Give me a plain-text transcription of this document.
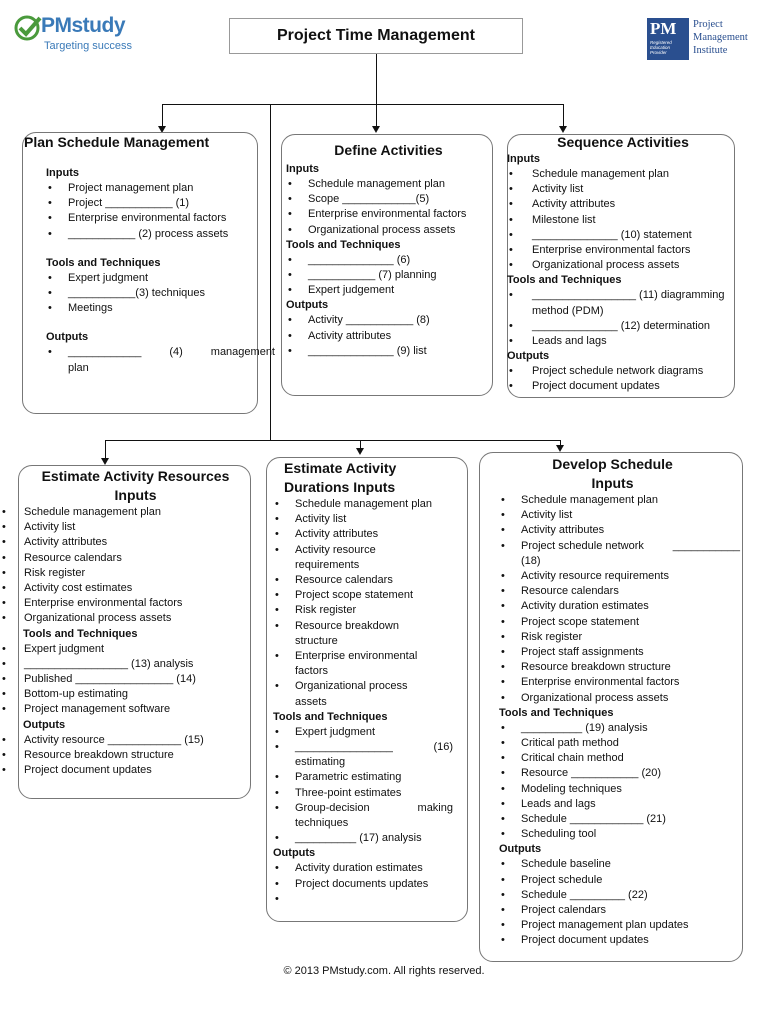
PMstudy
Targeting success
PM
Registered Education Provider
Project
Management
Institute
Project Time Management
Plan Schedule Management
Inputs
• Project management plan
• Project ___________ (1)
• Enterprise environmental factors
• ___________ (2) process assets
Tools and Techniques
• Expert judgment
• ___________(3) techniques
• Meetings
Outputs
• ____________	(4)	management
plan
Define Activities
Inputs
• Schedule management plan
• Scope ____________(5)
• Enterprise environmental factors
• Organizational process assets
Tools and Techniques
• ______________ (6)
• ___________ (7) planning
• Expert judgement
Outputs
• Activity ___________ (8)
• Activity attributes
• ______________ (9) list
Sequence Activities
Inputs
• Schedule management plan
• Activity list
• Activity attributes
• Milestone list
• ______________ (10) statement
• Enterprise environmental factors
• Organizational process assets
Tools and Techniques
• _________________ (11) diagramming
method (PDM)
• ______________ (12) determination
• Leads and lags
Outputs
• Project schedule network diagrams
• Project document updates
Estimate Activity Resources
Inputs
• Schedule management plan
• Activity list
• Activity attributes
• Resource calendars
• Risk register
• Activity cost estimates
• Enterprise environmental factors
• Organizational process assets
Tools and Techniques
• Expert judgment
• _________________ (13) analysis
• Published ________________ (14)
• Bottom-up estimating
• Project management software
Outputs
• Activity resource ____________ (15)
• Resource breakdown structure
• Project document updates
Estimate Activity
Durations Inputs
• Schedule management plan
• Activity list
• Activity attributes
• Activity resource
requirements
• Resource calendars
• Project scope statement
• Risk register
• Resource breakdown
structure
• Enterprise environmental
factors
• Organizational process
assets
Tools and Techniques
• Expert judgment
• ________________	(16)
estimating
• Parametric estimating
• Three-point estimates
• Group-decision	making
techniques
• __________ (17) analysis
Outputs
• Activity duration estimates
• Project documents updates
•
Develop Schedule
Inputs
• Schedule management plan
• Activity list
• Activity attributes
• Project schedule network	___________
(18)
• Activity resource requirements
• Resource calendars
• Activity duration estimates
• Project scope statement
• Risk register
• Project staff assignments
• Resource breakdown structure
• Enterprise environmental factors
• Organizational process assets
Tools and Techniques
• __________ (19) analysis
• Critical path method
• Critical chain method
• Resource ___________ (20)
• Modeling techniques
• Leads and lags
• Schedule ____________ (21)
• Scheduling tool
Outputs
• Schedule baseline
• Project schedule
• Schedule _________ (22)
• Project calendars
• Project management plan updates
• Project document updates
© 2013 PMstudy.com. All rights reserved.
